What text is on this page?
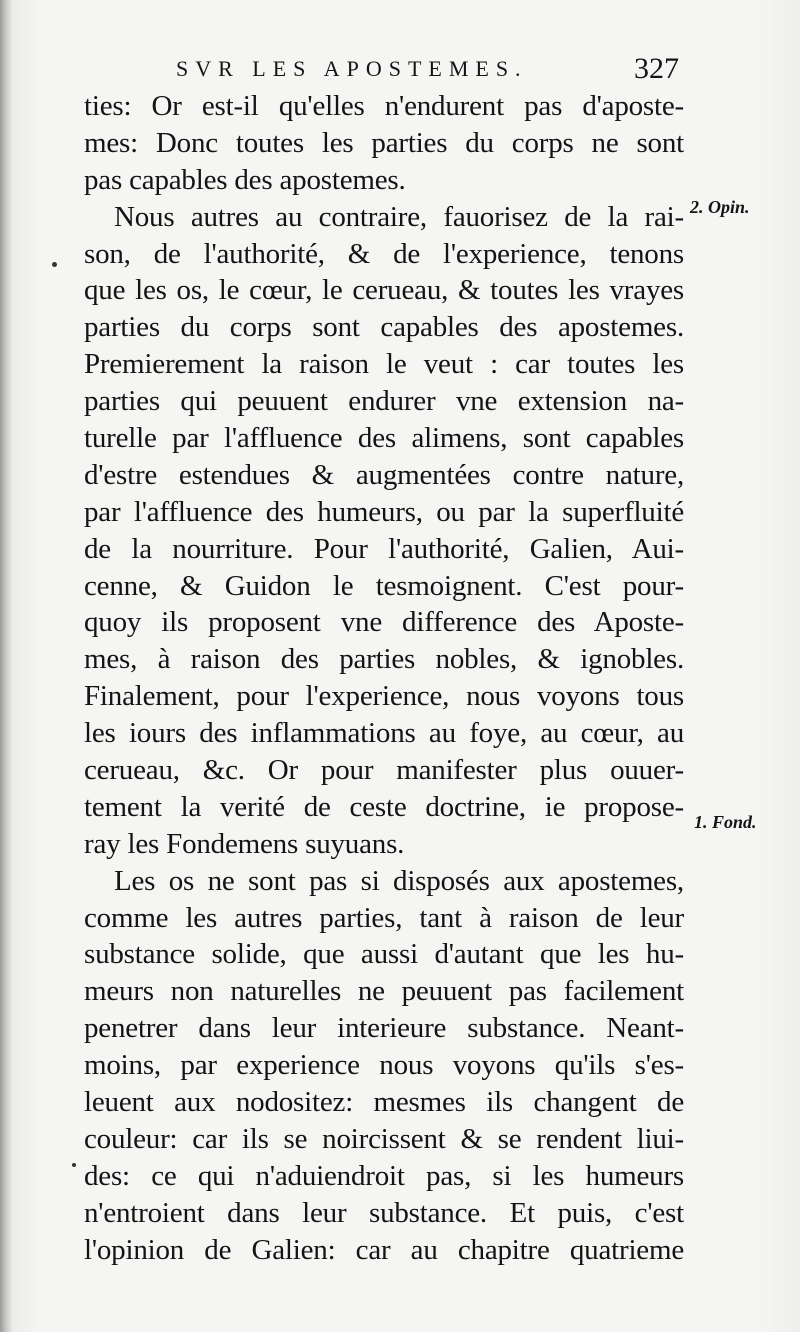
SVR LES APOSTEMES.	327
2. Opin.
1. Fond.
ties: Or est-il qu'elles n'endurent pas d'aposte-
mes: Donc toutes les parties du corps ne sont
pas capables des apostemes.
Nous autres au contraire, fauorisez de la rai-
son, de l'authorité, & de l'experience, tenons
que les os, le cœur, le cerueau, & toutes les vrayes
parties du corps sont capables des apostemes.
Premierement la raison le veut : car toutes les
parties qui peuuent endurer vne extension na-
turelle par l'affluence des alimens, sont capables
d'estre estendues & augmentées contre nature,
par l'affluence des humeurs, ou par la superfluité
de la nourriture. Pour l'authorité, Galien, Aui-
cenne, & Guidon le tesmoignent. C'est pour-
quoy ils proposent vne difference des Aposte-
mes, à raison des parties nobles, & ignobles.
Finalement, pour l'experience, nous voyons tous
les iours des inflammations au foye, au cœur, au
cerueau, &c. Or pour manifester plus ouuer-
tement la verité de ceste doctrine, ie propose-
ray les Fondemens suyuans.
Les os ne sont pas si disposés aux apostemes,
comme les autres parties, tant à raison de leur
substance solide, que aussi d'autant que les hu-
meurs non naturelles ne peuuent pas facilement
penetrer dans leur interieure substance. Neant-
moins, par experience nous voyons qu'ils s'es-
leuent aux nodositez: mesmes ils changent de
couleur: car ils se noircissent & se rendent liui-
des: ce qui n'aduiendroit pas, si les humeurs
n'entroient dans leur substance. Et puis, c'est
l'opinion de Galien: car au chapitre quatrieme
